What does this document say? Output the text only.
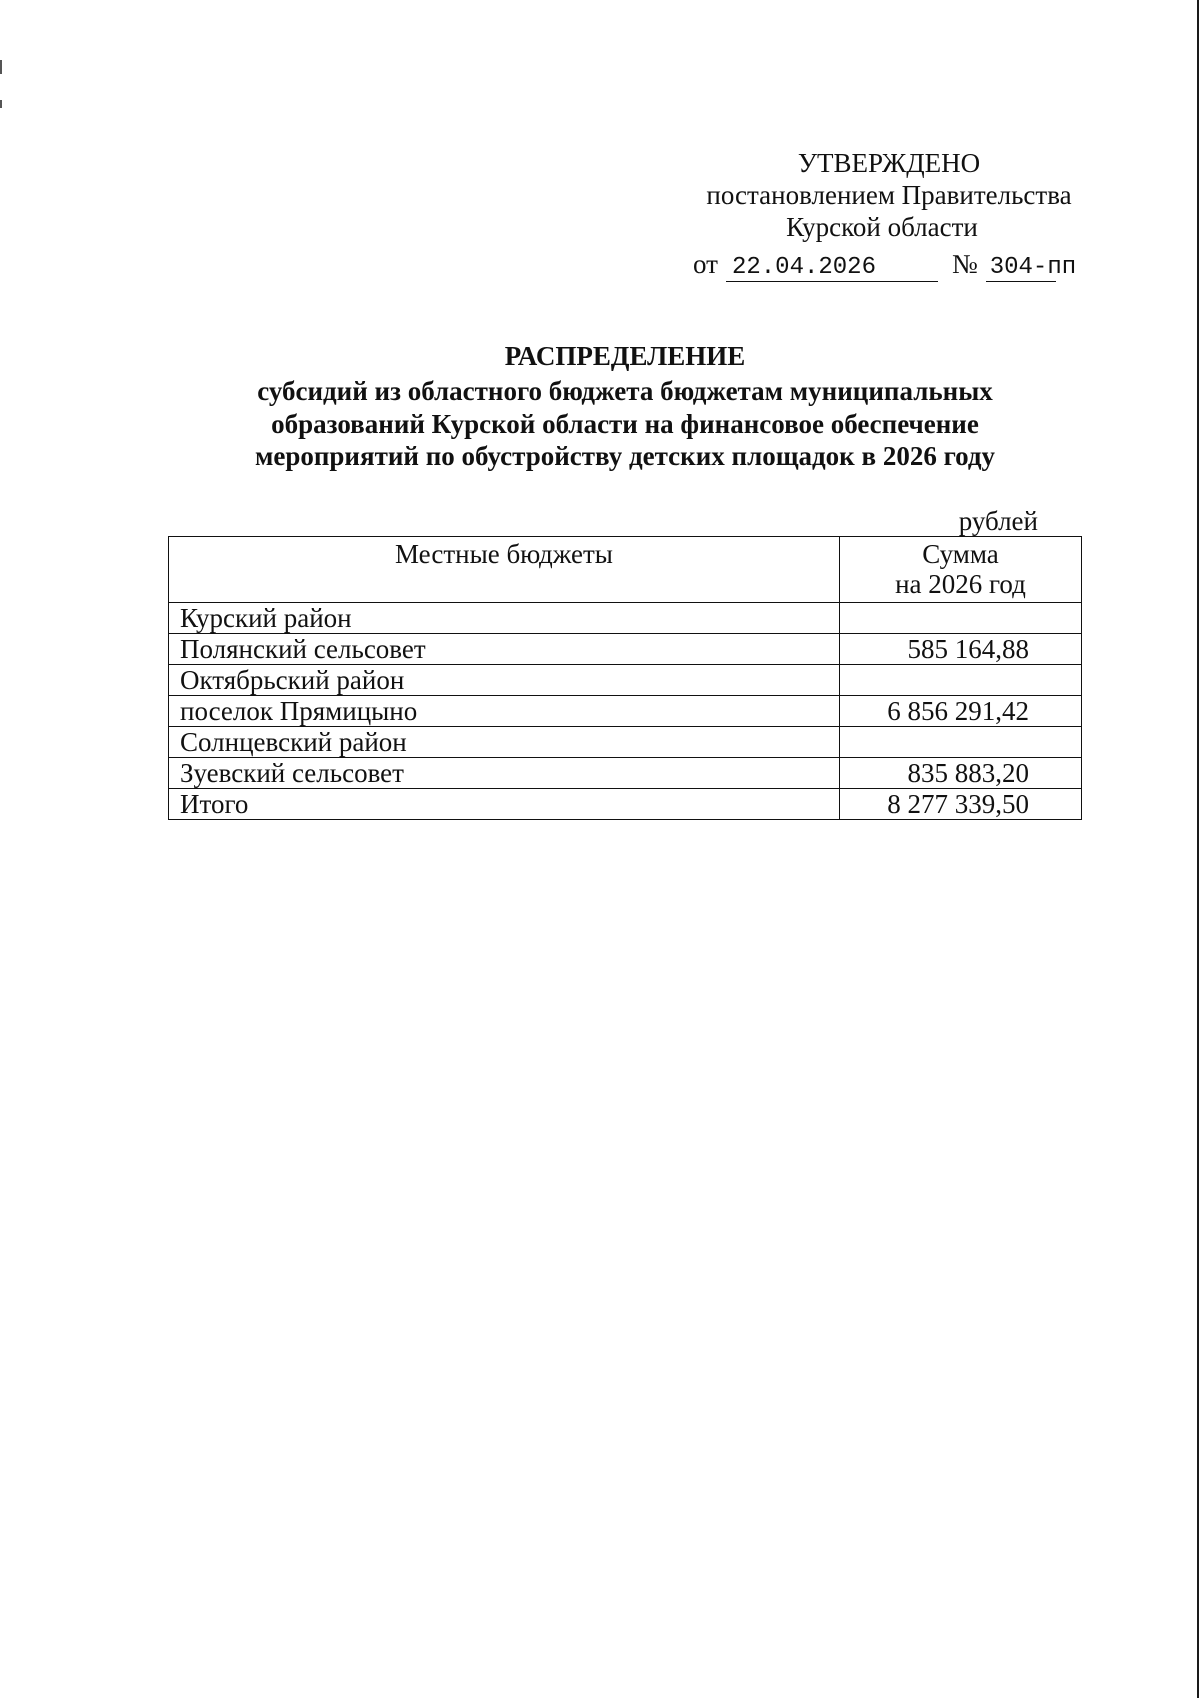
УТВЕРЖДЕНО
постановлением Правительства
Курской области
от 22.04.2026	№ 304-пп
РАСПРЕДЕЛЕНИЕ
субсидий из областного бюджета бюджетам муниципальных
образований Курской области на финансовое обеспечение
мероприятий по обустройству детских площадок в 2026 году
рублей
Местные бюджеты	Сумма
на 2026 год

Курский район	
Полянский сельсовет	585 164,88
Октябрьский район	
поселок Прямицыно	6 856 291,42
Солнцевский район	
Зуевский сельсовет	835 883,20
Итого	8 277 339,50
